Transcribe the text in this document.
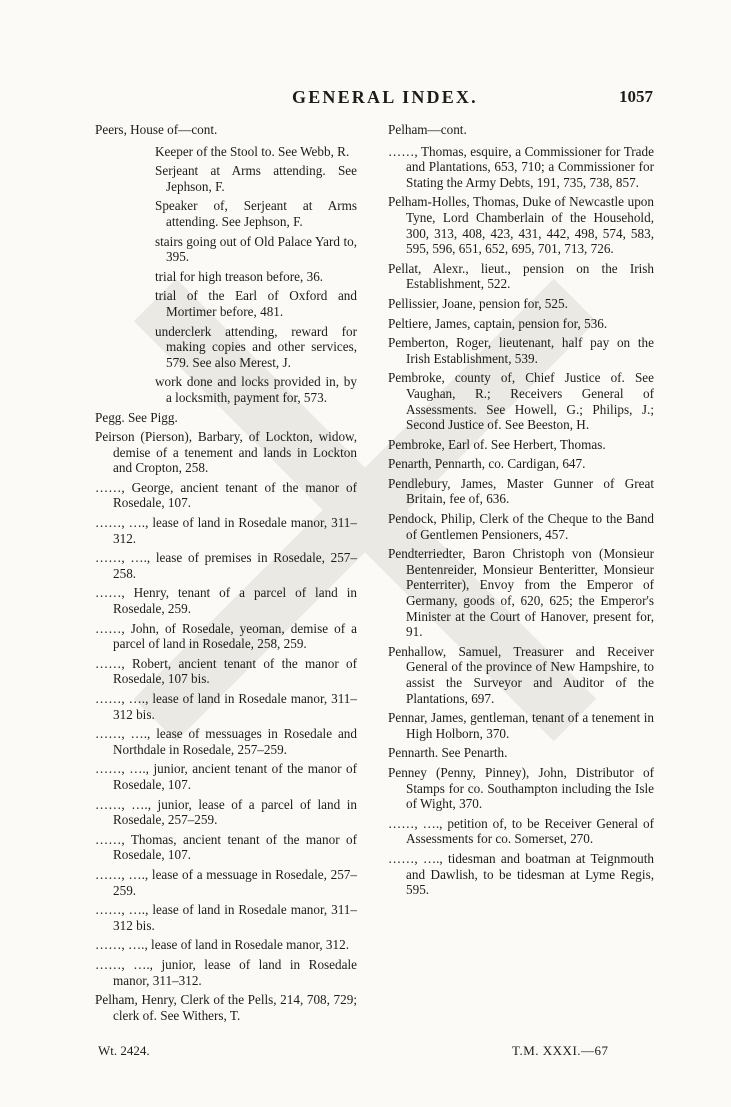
GENERAL INDEX.	1057
Peers, House of—cont.
Keeper of the Stool to. See Webb, R.
Serjeant at Arms attending. See Jephson, F.
Speaker of, Serjeant at Arms attending. See Jephson, F.
stairs going out of Old Palace Yard to, 395.
trial for high treason before, 36.
trial of the Earl of Oxford and Mortimer before, 481.
underclerk attending, reward for making copies and other services, 579. See also Merest, J.
work done and locks provided in, by a locksmith, payment for, 573.
Pegg. See Pigg.
Peirson (Pierson), Barbary, of Lockton, widow, demise of a tenement and lands in Lockton and Cropton, 258.
……, George, ancient tenant of the manor of Rosedale, 107.
……, …., lease of land in Rosedale manor, 311–312.
……, …., lease of premises in Rosedale, 257–258.
……, Henry, tenant of a parcel of land in Rosedale, 259.
……, John, of Rosedale, yeoman, demise of a parcel of land in Rosedale, 258, 259.
……, Robert, ancient tenant of the manor of Rosedale, 107 bis.
……, …., lease of land in Rosedale manor, 311–312 bis.
……, …., lease of messuages in Rosedale and Northdale in Rosedale, 257–259.
……, …., junior, ancient tenant of the manor of Rosedale, 107.
……, …., junior, lease of a parcel of land in Rosedale, 257–259.
……, Thomas, ancient tenant of the manor of Rosedale, 107.
……, …., lease of a messuage in Rosedale, 257–259.
……, …., lease of land in Rosedale manor, 311–312 bis.
……, …., lease of land in Rosedale manor, 312.
……, …., junior, lease of land in Rosedale manor, 311–312.
Pelham, Henry, Clerk of the Pells, 214, 708, 729; clerk of. See Withers, T.
Pelham—cont.
……, Thomas, esquire, a Commissioner for Trade and Plantations, 653, 710; a Commissioner for Stating the Army Debts, 191, 735, 738, 857.
Pelham-Holles, Thomas, Duke of Newcastle upon Tyne, Lord Chamberlain of the Household, 300, 313, 408, 423, 431, 442, 498, 574, 583, 595, 596, 651, 652, 695, 701, 713, 726.
Pellat, Alexr., lieut., pension on the Irish Establishment, 522.
Pellissier, Joane, pension for, 525.
Peltiere, James, captain, pension for, 536.
Pemberton, Roger, lieutenant, half pay on the Irish Establishment, 539.
Pembroke, county of, Chief Justice of. See Vaughan, R.; Receivers General of Assessments. See Howell, G.; Philips, J.; Second Justice of. See Beeston, H.
Pembroke, Earl of. See Herbert, Thomas.
Penarth, Pennarth, co. Cardigan, 647.
Pendlebury, James, Master Gunner of Great Britain, fee of, 636.
Pendock, Philip, Clerk of the Cheque to the Band of Gentlemen Pensioners, 457.
Pendterriedter, Baron Christoph von (Monsieur Bentenreider, Monsieur Benteritter, Monsieur Penterriter), Envoy from the Emperor of Germany, goods of, 620, 625; the Emperor's Minister at the Court of Hanover, present for, 91.
Penhallow, Samuel, Treasurer and Receiver General of the province of New Hampshire, to assist the Surveyor and Auditor of the Plantations, 697.
Pennar, James, gentleman, tenant of a tenement in High Holborn, 370.
Pennarth. See Penarth.
Penney (Penny, Pinney), John, Distributor of Stamps for co. Southampton including the Isle of Wight, 370.
……, …., petition of, to be Receiver General of Assessments for co. Somerset, 270.
……, …., tidesman and boatman at Teignmouth and Dawlish, to be tidesman at Lyme Regis, 595.
Wt. 2424.	T.M. XXXI.—67
